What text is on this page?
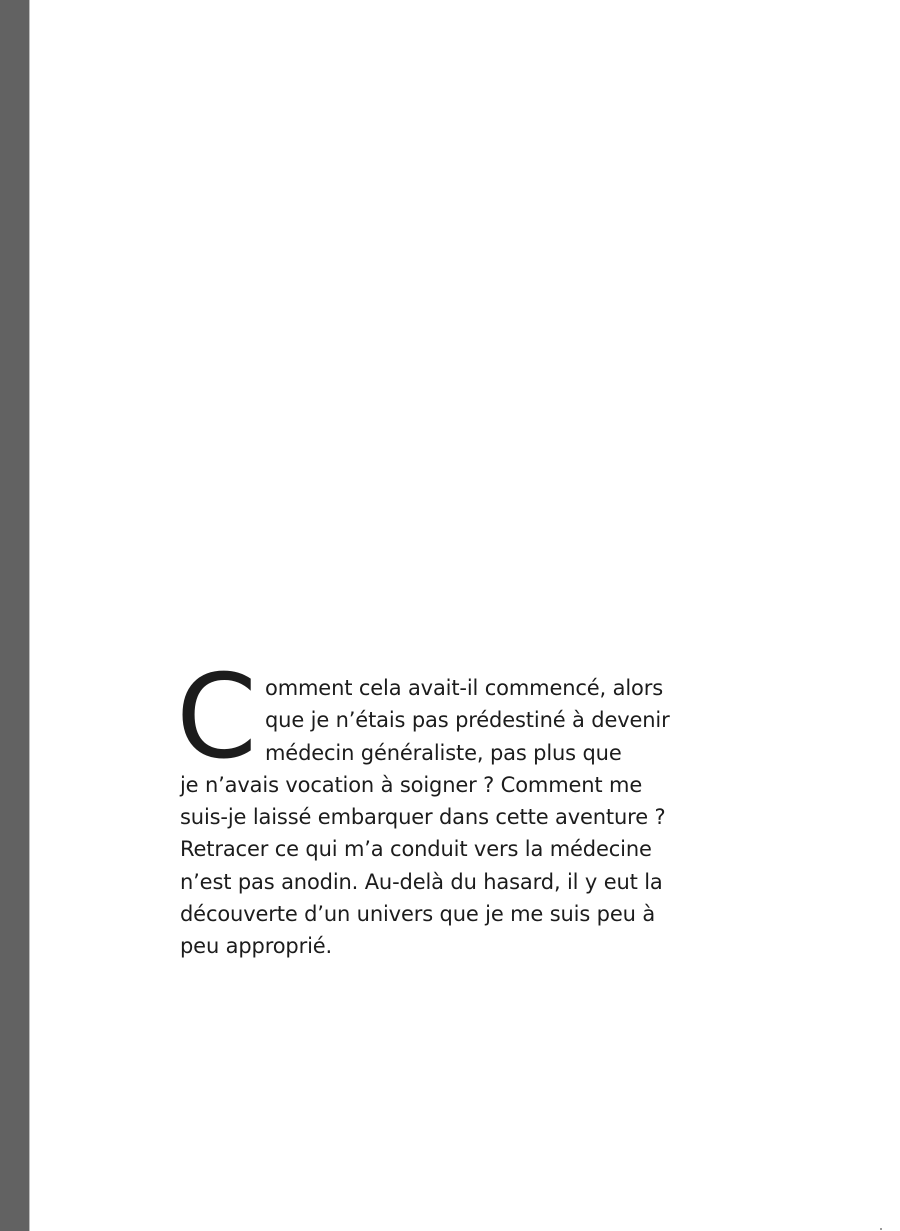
C omment cela avait-il commencé, alors
que je n’étais pas prédestiné à devenir
médecin généraliste, pas plus que
je n’avais vocation à soigner ? Comment me
suis-je laissé embarquer dans cette aventure ?
Retracer ce qui m’a conduit vers la médecine
n’est pas anodin. Au-delà du hasard, il y eut la
découverte d’un univers que je me suis peu à
peu approprié.
